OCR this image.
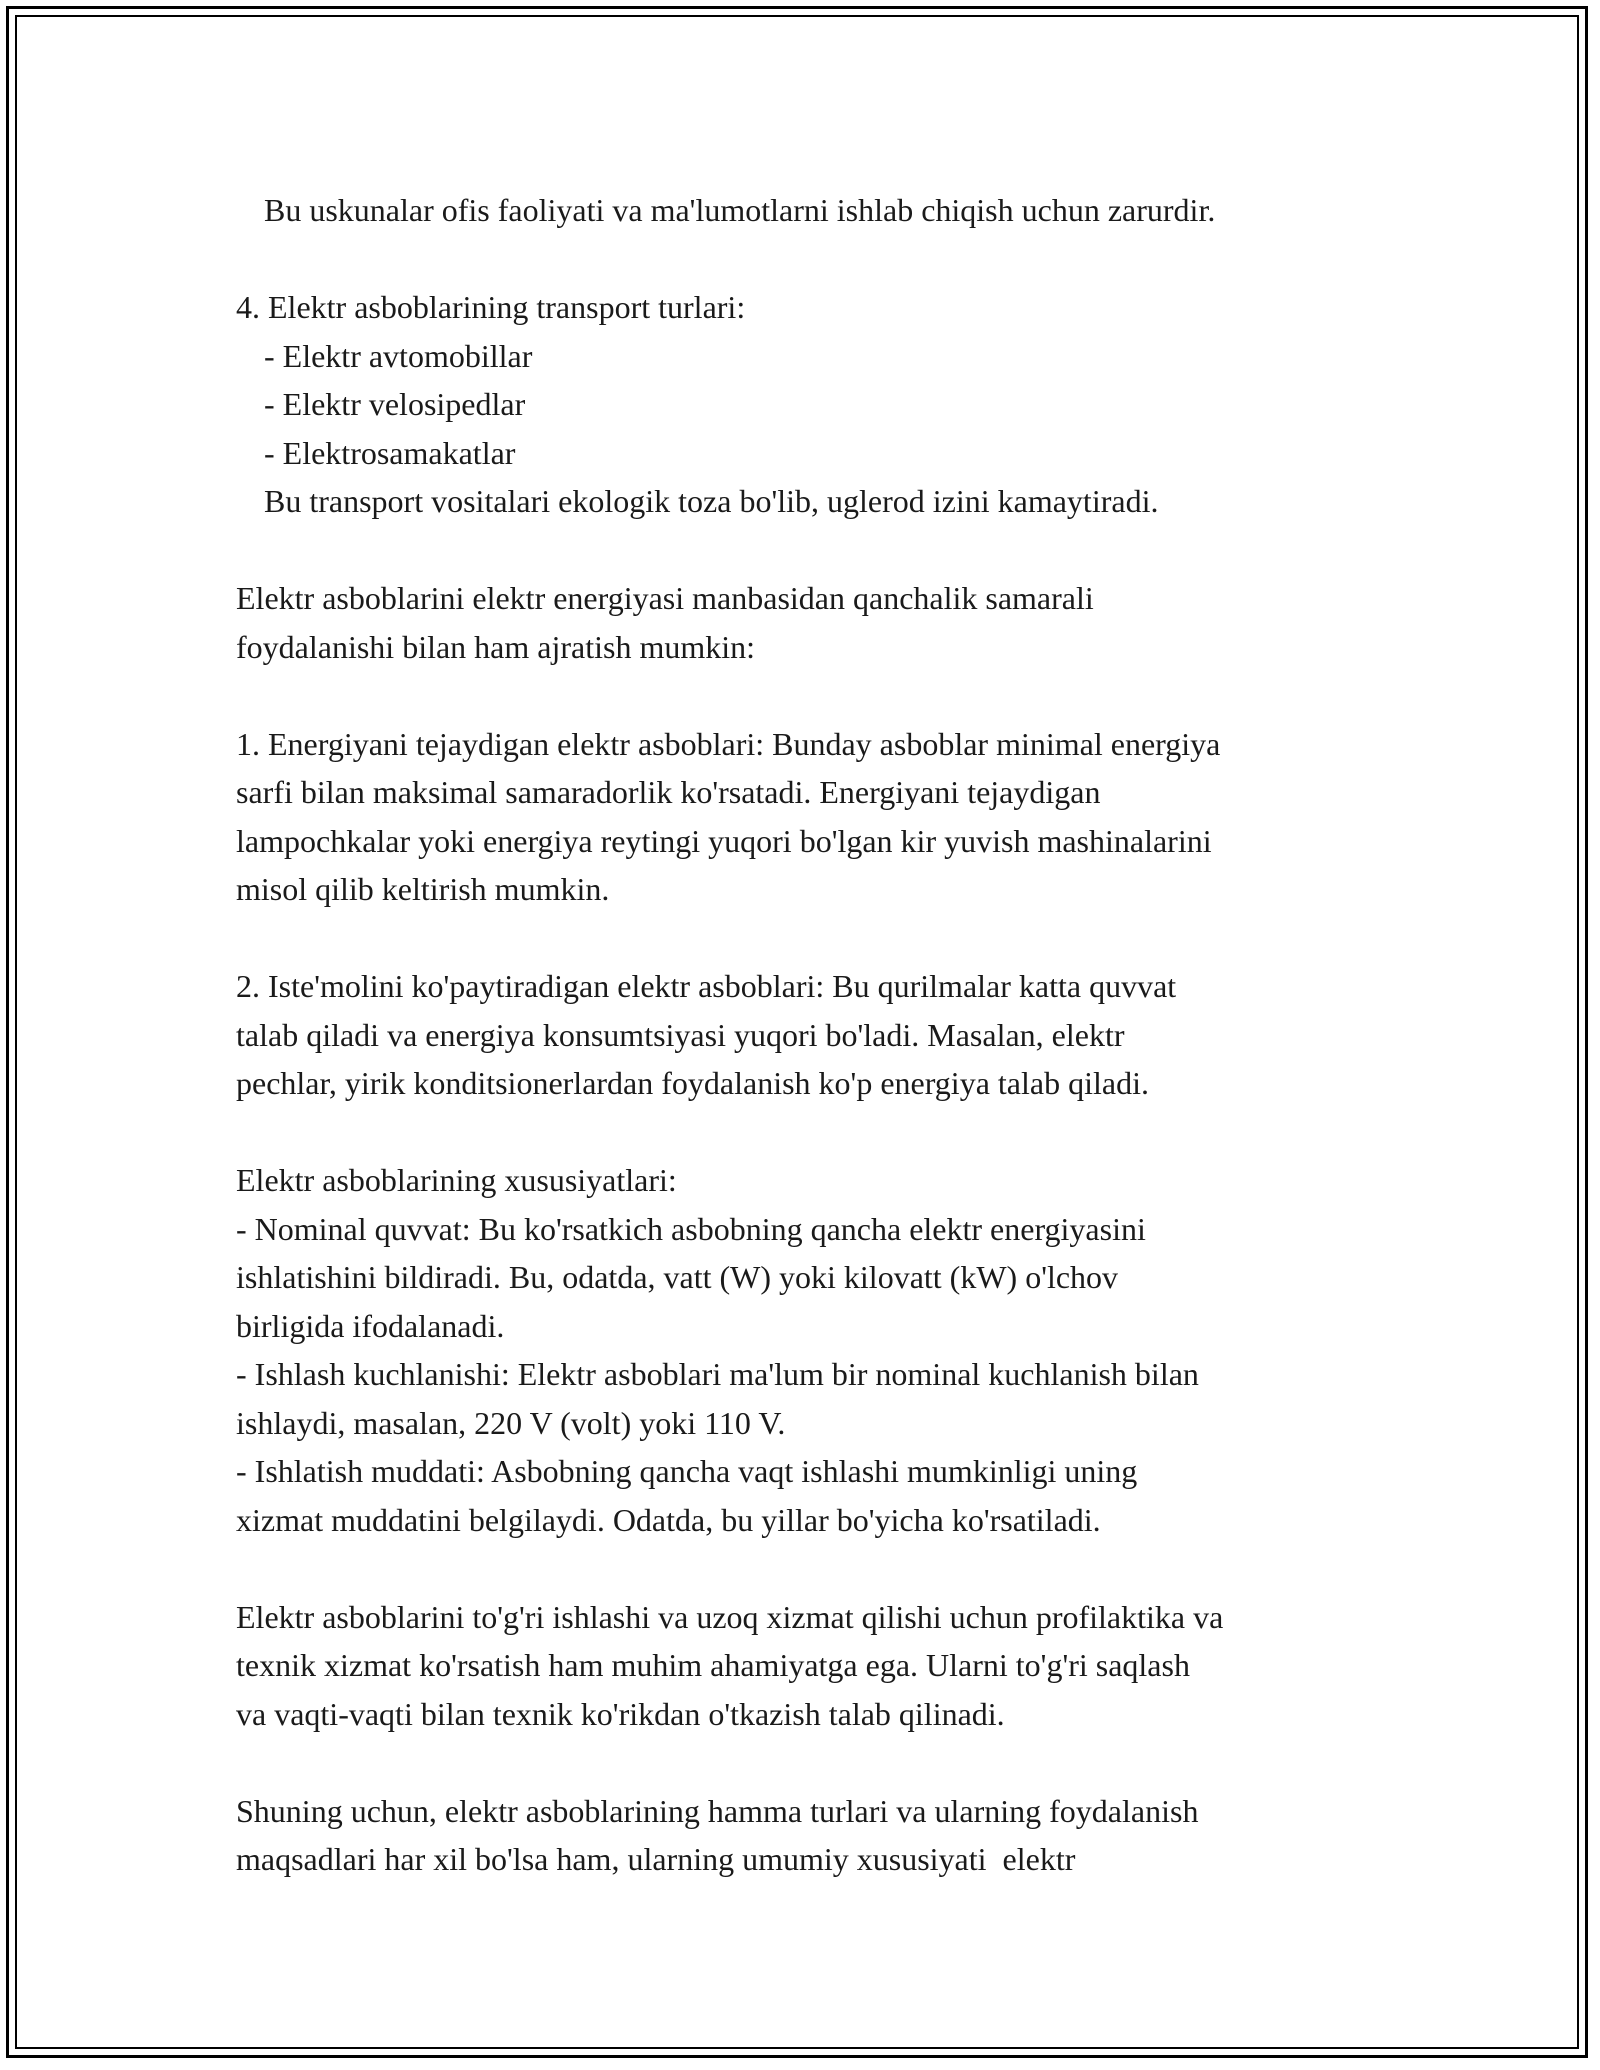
Bu uskunalar ofis faoliyati va ma'lumotlarni ishlab chiqish uchun zarurdir.
4. Elektr asboblarining transport turlari:
- Elektr avtomobillar
- Elektr velosipedlar
- Elektrosamakatlar
Bu transport vositalari ekologik toza bo'lib, uglerod izini kamaytiradi.
Elektr asboblarini elektr energiyasi manbasidan qanchalik samarali
foydalanishi bilan ham ajratish mumkin:
1. Energiyani tejaydigan elektr asboblari: Bunday asboblar minimal energiya
sarfi bilan maksimal samaradorlik ko'rsatadi. Energiyani tejaydigan
lampochkalar yoki energiya reytingi yuqori bo'lgan kir yuvish mashinalarini
misol qilib keltirish mumkin.
2. Iste'molini ko'paytiradigan elektr asboblari: Bu qurilmalar katta quvvat
talab qiladi va energiya konsumtsiyasi yuqori bo'ladi. Masalan, elektr
pechlar, yirik konditsionerlardan foydalanish ko'p energiya talab qiladi.
Elektr asboblarining xususiyatlari:
- Nominal quvvat: Bu ko'rsatkich asbobning qancha elektr energiyasini
ishlatishini bildiradi. Bu, odatda, vatt (W) yoki kilovatt (kW) o'lchov
birligida ifodalanadi.
- Ishlash kuchlanishi: Elektr asboblari ma'lum bir nominal kuchlanish bilan
ishlaydi, masalan, 220 V (volt) yoki 110 V.
- Ishlatish muddati: Asbobning qancha vaqt ishlashi mumkinligi uning
xizmat muddatini belgilaydi. Odatda, bu yillar bo'yicha ko'rsatiladi.
Elektr asboblarini to'g'ri ishlashi va uzoq xizmat qilishi uchun profilaktika va
texnik xizmat ko'rsatish ham muhim ahamiyatga ega. Ularni to'g'ri saqlash
va vaqti-vaqti bilan texnik ko'rikdan o'tkazish talab qilinadi.
Shuning uchun, elektr asboblarining hamma turlari va ularning foydalanish
maqsadlari har xil bo'lsa ham, ularning umumiy xususiyati  elektr
